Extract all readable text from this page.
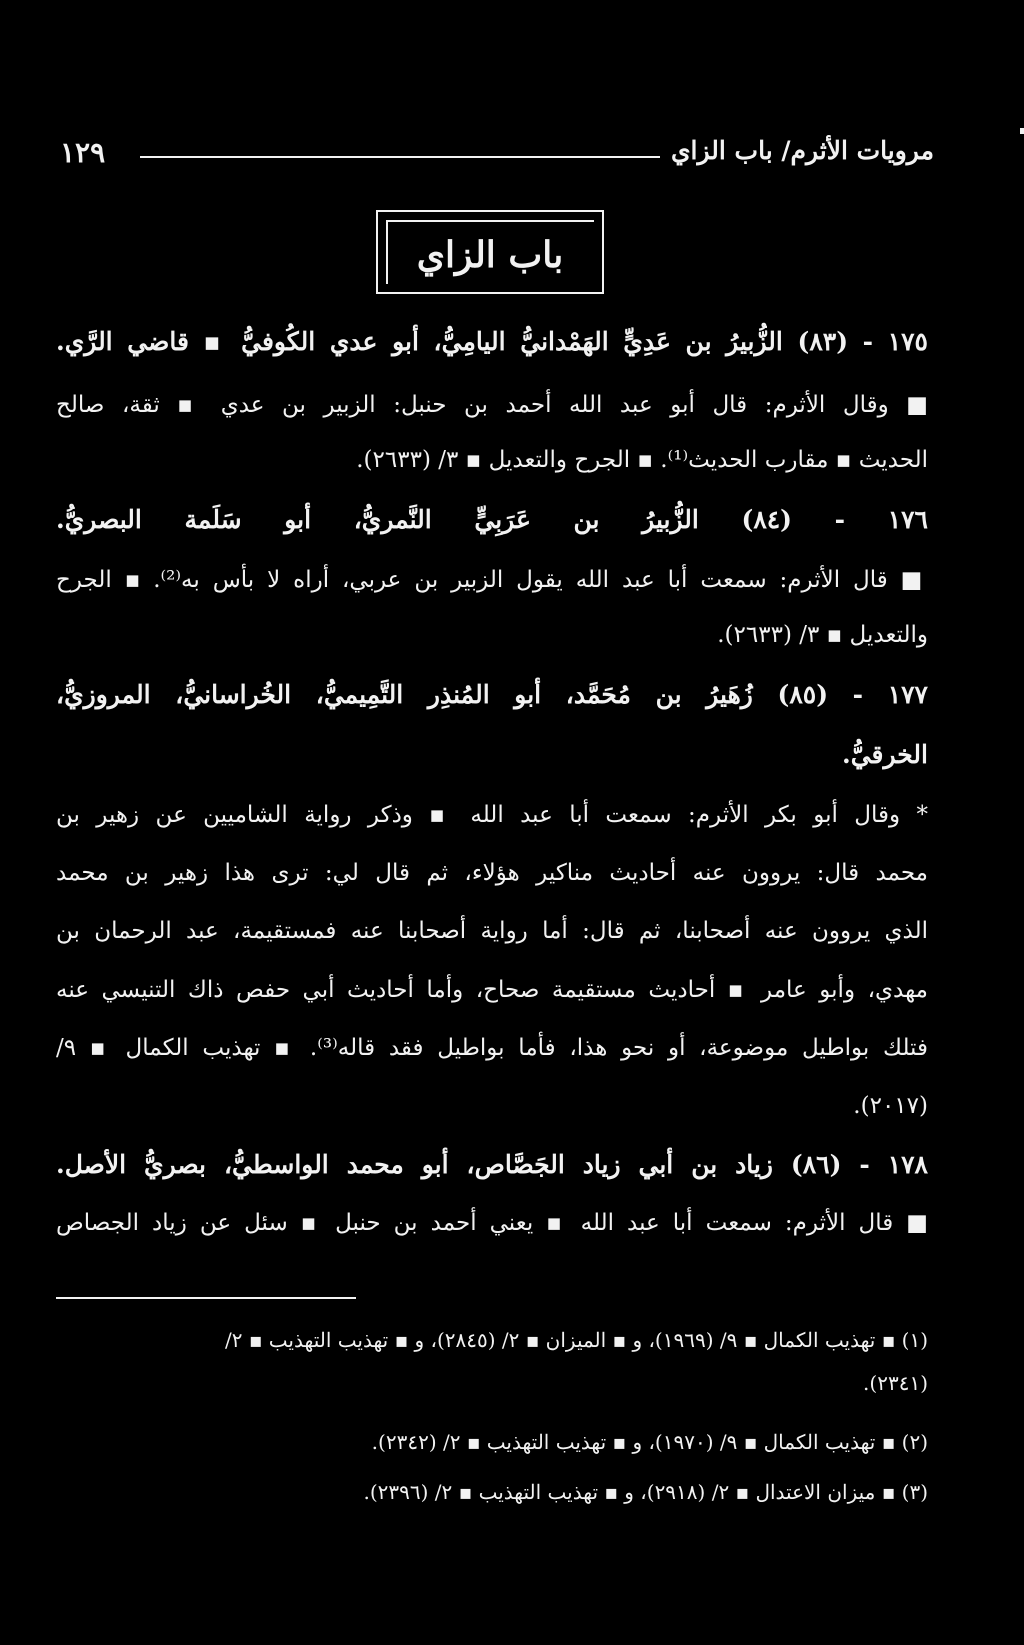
١٢٩	مرويات الأثرم/ باب الزاي
باب الزاي
١٧٥ - (٨٣) الزُّبيرُ بن عَدِيٍّ الهَمْدانيُّ اليامِيُّ، أبو عدي الكُوفيُّ ▪ قاضي الرَّي.
■ وقال الأثرم: قال أبو عبد الله أحمد بن حنبل: الزبير بن عدي ▪ ثقة، صالح
الحديث ▪ مقارب الحديث⁽¹⁾. ▪ الجرح والتعديل ▪ ٣/ (٢٦٣٣).
١٧٦ - (٨٤) الزُّبيرُ بن عَرَبِيٍّ النَّمريُّ، أبو سَلَمة البصريُّ.
■ قال الأثرم: سمعت أبا عبد الله يقول الزبير بن عربي، أراه لا بأس به⁽²⁾. ▪ الجرح
والتعديل ▪ ٣/ (٢٦٣٣).
١٧٧ - (٨٥) زُهَيرُ بن مُحَمَّد، أبو المُنذِر التَّمِيميُّ، الخُراسانيُّ، المروزيُّ،
الخرقيُّ.
* وقال أبو بكر الأثرم: سمعت أبا عبد الله ▪ وذكر رواية الشاميين عن زهير بن
محمد قال: يروون عنه أحاديث مناكير هؤلاء، ثم قال لي: ترى هذا زهير بن محمد
الذي يروون عنه أصحابنا، ثم قال: أما رواية أصحابنا عنه فمستقيمة، عبد الرحمان بن
مهدي، وأبو عامر ▪ أحاديث مستقيمة صحاح، وأما أحاديث أبي حفص ذاك التنيسي عنه
فتلك بواطيل موضوعة، أو نحو هذا، فأما بواطيل فقد قاله⁽³⁾. ▪ تهذيب الكمال ▪ ٩/
(٢٠١٧).
١٧٨ - (٨٦) زياد بن أبي زياد الجَصَّاص، أبو محمد الواسطيُّ، بصريُّ الأصل.
■ قال الأثرم: سمعت أبا عبد الله ▪ يعني أحمد بن حنبل ▪ سئل عن زياد الجصاص
(١) ▪ تهذيب الكمال ▪ ٩/ (١٩٦٩)، و ▪ الميزان ▪ ٢/ (٢٨٤٥)، و ▪ تهذيب التهذيب ▪ ٢/
(٢٣٤١).
(٢) ▪ تهذيب الكمال ▪ ٩/ (١٩٧٠)، و ▪ تهذيب التهذيب ▪ ٢/ (٢٣٤٢).
(٣) ▪ ميزان الاعتدال ▪ ٢/ (٢٩١٨)، و ▪ تهذيب التهذيب ▪ ٢/ (٢٣٩٦).
